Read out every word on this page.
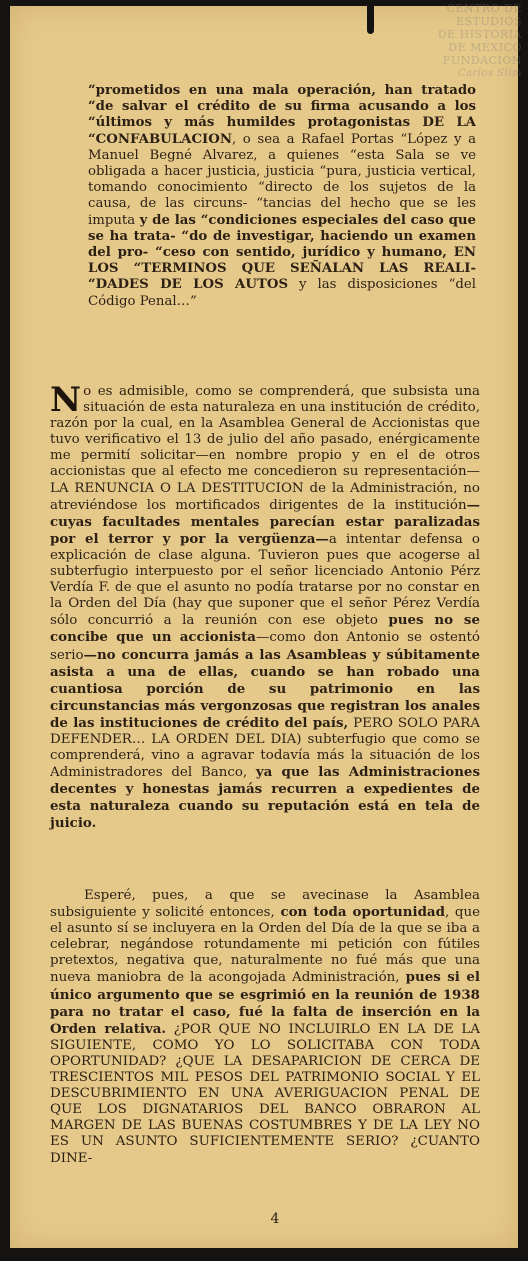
CENTRO DE
ESTUDIOS
DE HISTORIA
DE MÉXICO
FUNDACIÓN
Carlos Slim
“prometidos en una mala operación, han tratado “de salvar el crédito de su firma acusando a los “últimos y más humildes protagonistas DE LA “CONFABULACION, o sea a Rafael Portas “López y a Manuel Begné Alvarez, a quienes “esta Sala se ve obligada a hacer justicia, justicia “pura, justicia vertical, tomando conocimiento “directo de los sujetos de la causa, de las circuns- “tancias del hecho que se les imputa y de las “condiciones especiales del caso que se ha trata- “do de investigar, haciendo un examen del pro- “ceso con sentido, jurídico y humano, EN LOS “TERMINOS QUE SEÑALAN LAS REALI- “DADES DE LOS AUTOS y las disposiciones “del Código Penal…”
No es admisible, como se comprenderá, que subsista una situación de esta naturaleza en una institución de crédito, razón por la cual, en la Asamblea General de Accionistas que tuvo verificativo el 13 de julio del año pasado, enérgicamente me permití solicitar—en nombre propio y en el de otros accionistas que al efecto me concedieron su representación—LA RENUNCIA O LA DESTITUCION de la Administración, no atreviéndose los mortificados dirigentes de la institución—cuyas facultades mentales parecían estar paralizadas por el terror y por la vergüenza—a intentar defensa o explicación de clase alguna. Tuvieron pues que acogerse al subterfugio interpuesto por el señor licenciado Antonio Pérz Verdía F. de que el asunto no podía tratarse por no constar en la Orden del Día (hay que suponer que el señor Pérez Verdía sólo concurrió a la reunión con ese objeto pues no se concibe que un accionista—como don Antonio se ostentó serio—no concurra jamás a las Asambleas y súbitamente asista a una de ellas, cuando se han robado una cuantiosa porción de su patrimonio en las circunstancias más vergonzosas que registran los anales de las instituciones de crédito del país, PERO SOLO PARA DEFENDER… LA ORDEN DEL DIA) subterfugio que como se comprenderá, vino a agravar todavía más la situación de los Administradores del Banco, ya que las Administraciones decentes y honestas jamás recurren a expedientes de esta naturaleza cuando su reputación está en tela de juicio.
Esperé, pues, a que se avecinase la Asamblea subsiguiente y solicité entonces, con toda oportunidad, que el asunto sí se incluyera en la Orden del Día de la que se iba a celebrar, negándose rotundamente mi petición con fútiles pretextos, negativa que, naturalmente no fué más que una nueva maniobra de la acongojada Administración, pues si el único argumento que se esgrimió en la reunión de 1938 para no tratar el caso, fué la falta de inserción en la Orden relativa. ¿POR QUE NO INCLUIRLO EN LA DE LA SIGUIENTE, COMO YO LO SOLICITABA CON TODA OPORTUNIDAD? ¿QUE LA DESAPARICION DE CERCA DE TRESCIENTOS MIL PESOS DEL PATRIMONIO SOCIAL Y EL DESCUBRIMIENTO EN UNA AVERIGUACION PENAL DE QUE LOS DIGNATARIOS DEL BANCO OBRARON AL MARGEN DE LAS BUENAS COSTUMBRES Y DE LA LEY NO ES UN ASUNTO SUFICIENTEMENTE SERIO? ¿CUANTO DINE-
4
